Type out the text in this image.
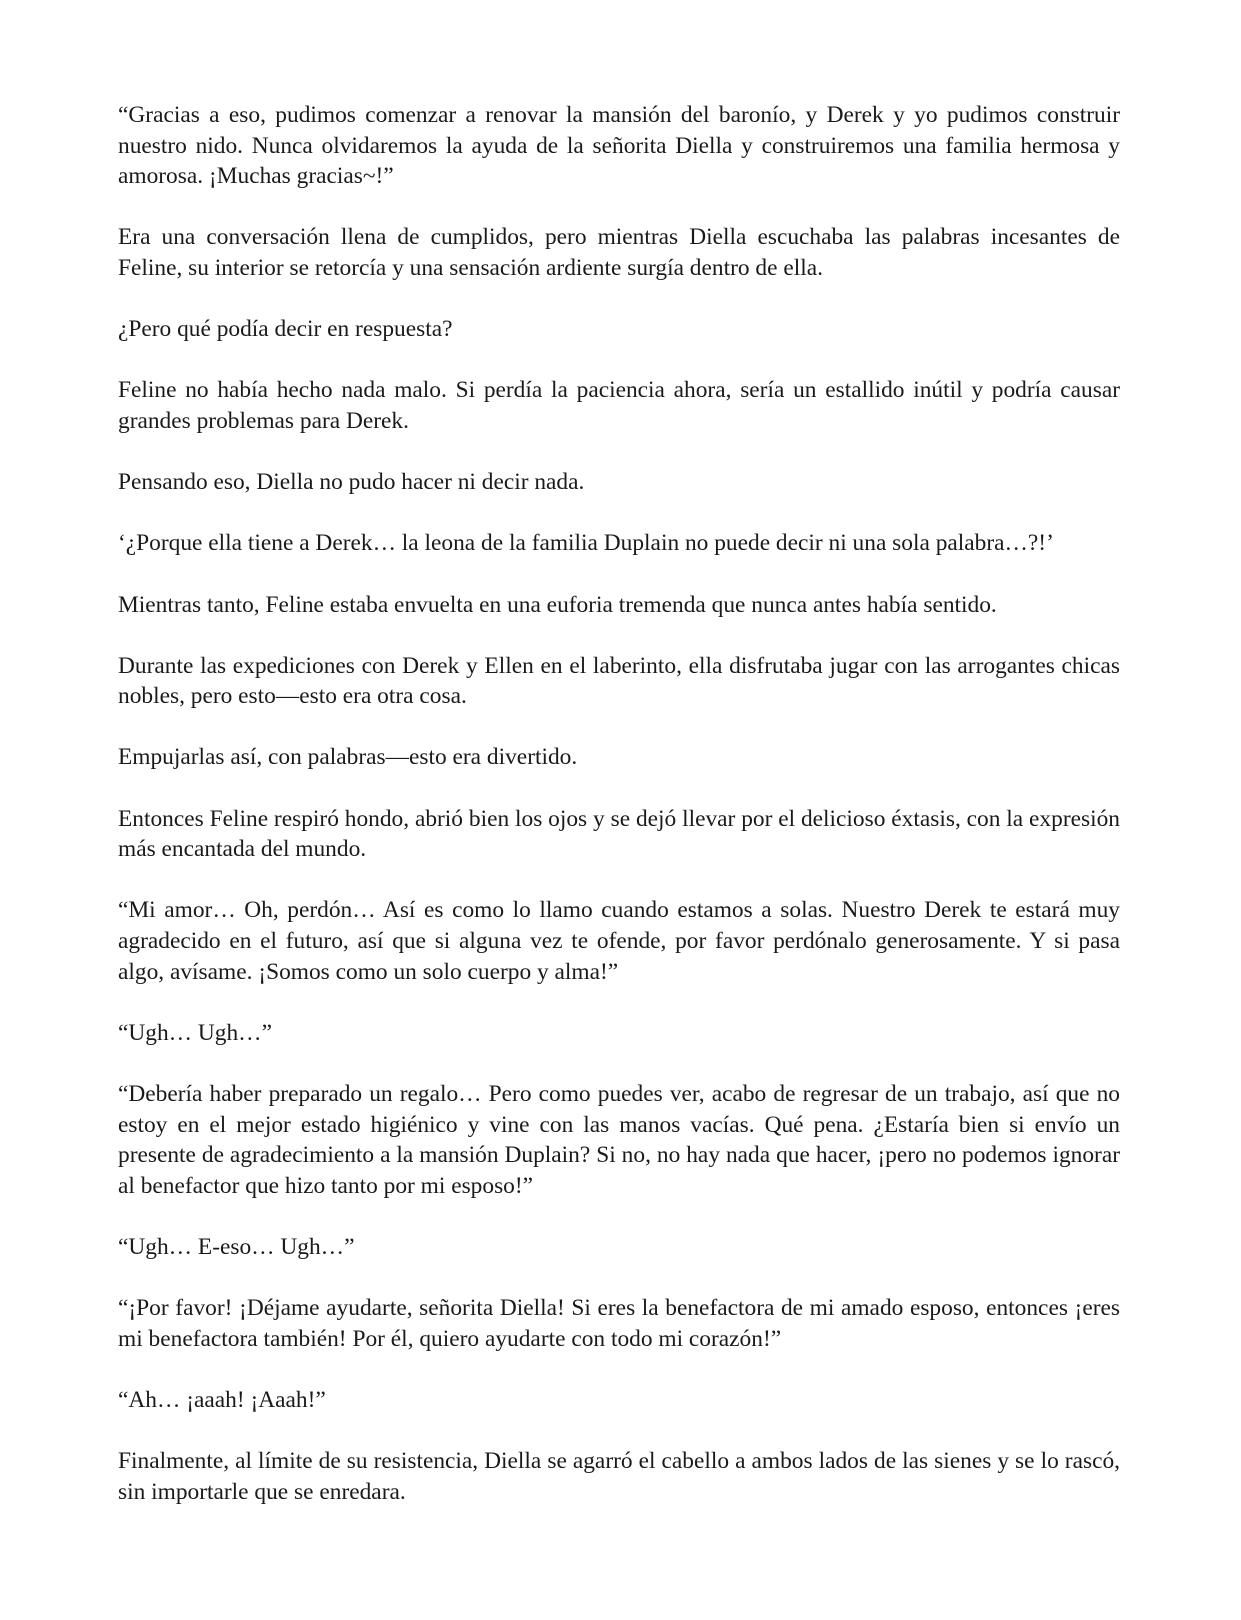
“Gracias a eso, pudimos comenzar a renovar la mansión del baronío, y Derek y yo pudimos construir nuestro nido. Nunca olvidaremos la ayuda de la señorita Diella y construiremos una familia hermosa y amorosa. ¡Muchas gracias~!”

Era una conversación llena de cumplidos, pero mientras Diella escuchaba las palabras incesantes de Feline, su interior se retorcía y una sensación ardiente surgía dentro de ella.

¿Pero qué podía decir en respuesta?

Feline no había hecho nada malo. Si perdía la paciencia ahora, sería un estallido inútil y podría causar grandes problemas para Derek.

Pensando eso, Diella no pudo hacer ni decir nada.

‘¿Porque ella tiene a Derek… la leona de la familia Duplain no puede decir ni una sola palabra…?!’

Mientras tanto, Feline estaba envuelta en una euforia tremenda que nunca antes había sentido.

Durante las expediciones con Derek y Ellen en el laberinto, ella disfrutaba jugar con las arrogantes chicas nobles, pero esto—esto era otra cosa.

Empujarlas así, con palabras—esto era divertido.

Entonces Feline respiró hondo, abrió bien los ojos y se dejó llevar por el delicioso éxtasis, con la expresión más encantada del mundo.

“Mi amor… Oh, perdón… Así es como lo llamo cuando estamos a solas. Nuestro Derek te estará muy agradecido en el futuro, así que si alguna vez te ofende, por favor perdónalo generosamente. Y si pasa algo, avísame. ¡Somos como un solo cuerpo y alma!”

“Ugh… Ugh…”

“Debería haber preparado un regalo… Pero como puedes ver, acabo de regresar de un trabajo, así que no estoy en el mejor estado higiénico y vine con las manos vacías. Qué pena. ¿Estaría bien si envío un presente de agradecimiento a la mansión Duplain? Si no, no hay nada que hacer, ¡pero no podemos ignorar al benefactor que hizo tanto por mi esposo!”

“Ugh… E-eso… Ugh…”

“¡Por favor! ¡Déjame ayudarte, señorita Diella! Si eres la benefactora de mi amado esposo, entonces ¡eres mi benefactora también! Por él, quiero ayudarte con todo mi corazón!”

“Ah… ¡aaah! ¡Aaah!”

Finalmente, al límite de su resistencia, Diella se agarró el cabello a ambos lados de las sienes y se lo rascó, sin importarle que se enredara.
